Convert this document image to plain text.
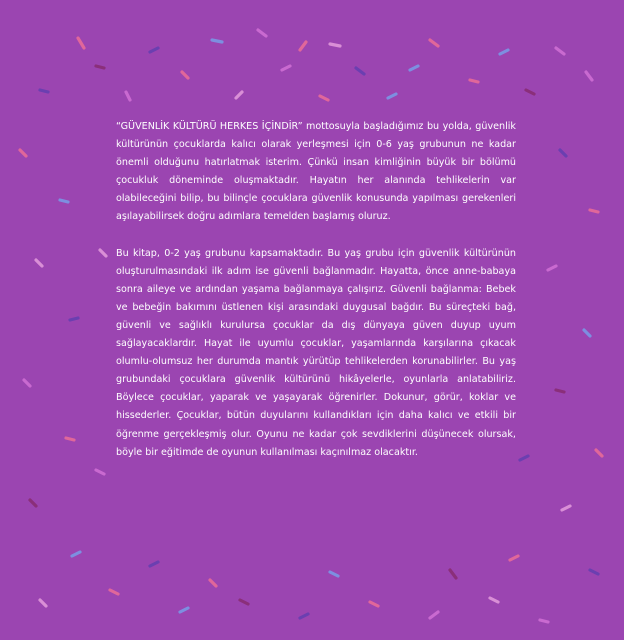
“GÜVENLİK KÜLTÜRÜ HERKES İÇİNDİR” mottosuyla başladığımız bu yolda, güvenlik kültürünün çocuklarda kalıcı olarak yerleşmesi için 0-6 yaş grubunun ne kadar önemli olduğunu hatırlatmak isterim. Çünkü insan kimliğinin büyük bir bölümü çocukluk döneminde oluşmaktadır. Hayatın her alanında tehlikelerin var olabileceğini bilip, bu bilinçle çocuklara güvenlik konusunda yapılması gerekenleri aşılayabilirsek doğru adımlara temelden başlamış oluruz.

Bu kitap, 0-2 yaş grubunu kapsamaktadır. Bu yaş grubu için güvenlik kültürünün oluşturulmasındaki ilk adım ise güvenli bağlanmadır. Hayatta, önce anne-babaya sonra aileye ve ardından yaşama bağlanmaya çalışırız. Güvenli bağlanma: Bebek ve bebeğin bakımını üstlenen kişi arasındaki duygusal bağdır. Bu süreçteki bağ, güvenli ve sağlıklı kurulursa çocuklar da dış dünyaya güven duyup uyum sağlayacaklardır. Hayat ile uyumlu çocuklar, yaşamlarında karşılarına çıkacak olumlu-olumsuz her durumda mantık yürütüp tehlikelerden korunabilirler. Bu yaş grubundaki çocuklara güvenlik kültürünü hikâyelerle, oyunlarla anlatabiliriz. Böylece çocuklar, yaparak ve yaşayarak öğrenirler. Dokunur, görür, koklar ve hissederler. Çocuklar, bütün duyularını kullandıkları için daha kalıcı ve etkili bir öğrenme gerçekleşmiş olur. Oyunu ne kadar çok sevdiklerini düşünecek olursak, böyle bir eğitimde de oyunun kullanılması kaçınılmaz olacaktır.
